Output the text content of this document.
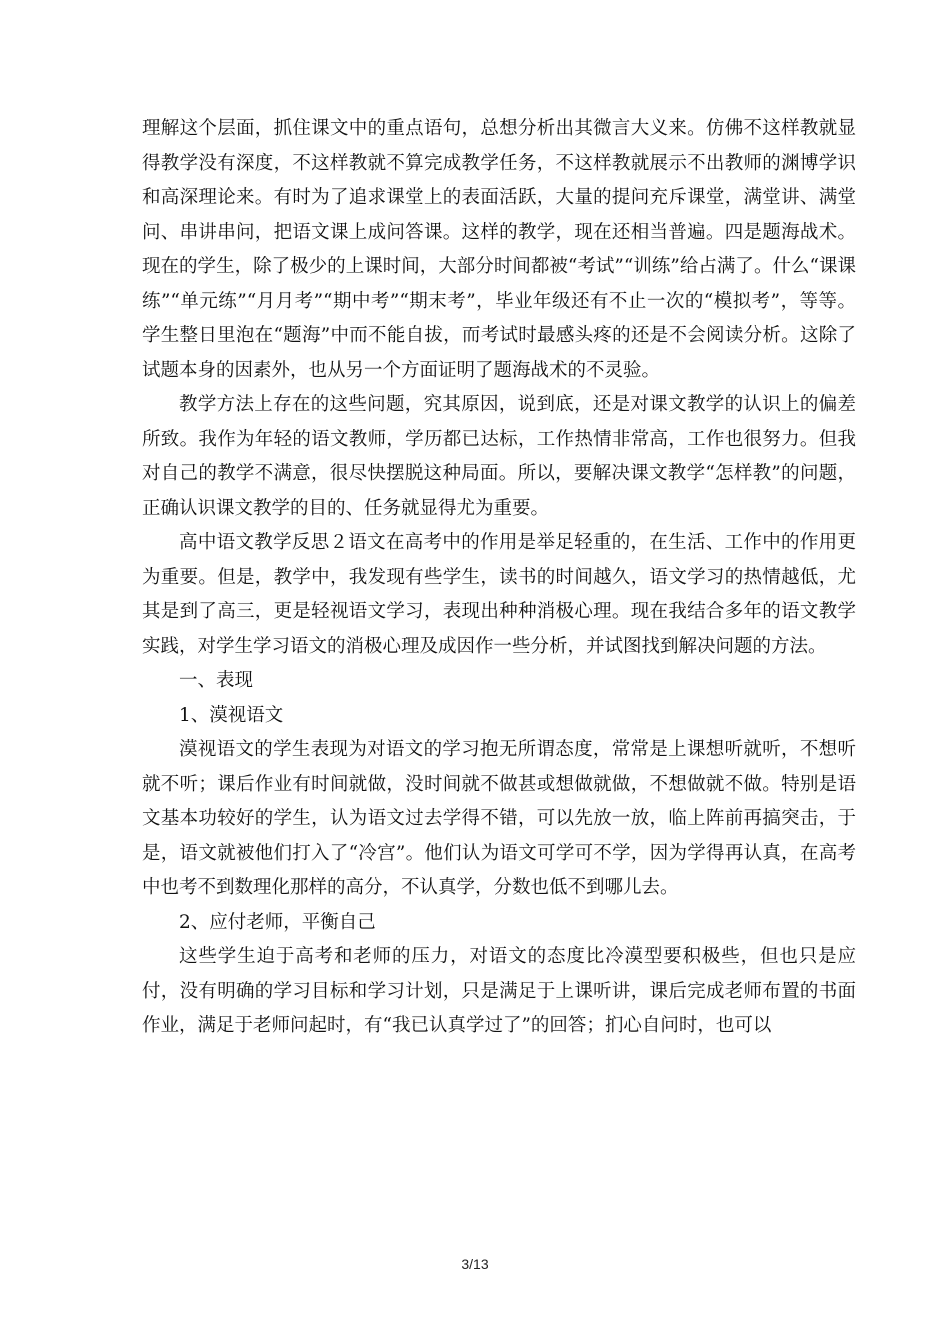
理解这个层面，抓住课文中的重点语句，总想分析出其微言大义来。仿佛不这样教就显得教学没有深度，不这样教就不算完成教学任务，不这样教就展示不出教师的渊博学识和高深理论来。有时为了追求课堂上的表面活跃，大量的提问充斥课堂，满堂讲、满堂问、串讲串问，把语文课上成问答课。这样的教学，现在还相当普遍。四是题海战术。现在的学生，除了极少的上课时间，大部分时间都被“考试”“训练”给占满了。什么“课课练”“单元练”“月月考”“期中考”“期末考”，毕业年级还有不止一次的“模拟考”，等等。学生整日里泡在“题海”中而不能自拔，而考试时最感头疼的还是不会阅读分析。这除了试题本身的因素外，也从另一个方面证明了题海战术的不灵验。

教学方法上存在的这些问题，究其原因，说到底，还是对课文教学的认识上的偏差所致。我作为年轻的语文教师，学历都已达标，工作热情非常高，工作也很努力。但我对自己的教学不满意，很尽快摆脱这种局面。所以，要解决课文教学“怎样教”的问题，正确认识课文教学的目的、任务就显得尤为重要。

高中语文教学反思２语文在高考中的作用是举足轻重的，在生活、工作中的作用更为重要。但是，教学中，我发现有些学生，读书的时间越久，语文学习的热情越低，尤其是到了高三，更是轻视语文学习，表现出种种消极心理。现在我结合多年的语文教学实践，对学生学习语文的消极心理及成因作一些分析，并试图找到解决问题的方法。

一、表现

1、漠视语文

漠视语文的学生表现为对语文的学习抱无所谓态度，常常是上课想听就听，不想听就不听；课后作业有时间就做，没时间就不做甚或想做就做，不想做就不做。特别是语文基本功较好的学生，认为语文过去学得不错，可以先放一放，临上阵前再搞突击，于是，语文就被他们打入了“冷宫”。他们认为语文可学可不学，因为学得再认真，在高考中也考不到数理化那样的高分，不认真学，分数也低不到哪儿去。

2、应付老师，平衡自己

这些学生迫于高考和老师的压力，对语文的态度比冷漠型要积极些，但也只是应付，没有明确的学习目标和学习计划，只是满足于上课听讲，课后完成老师布置的书面作业，满足于老师问起时，有“我已认真学过了”的回答；扪心自问时，也可以

3/13
